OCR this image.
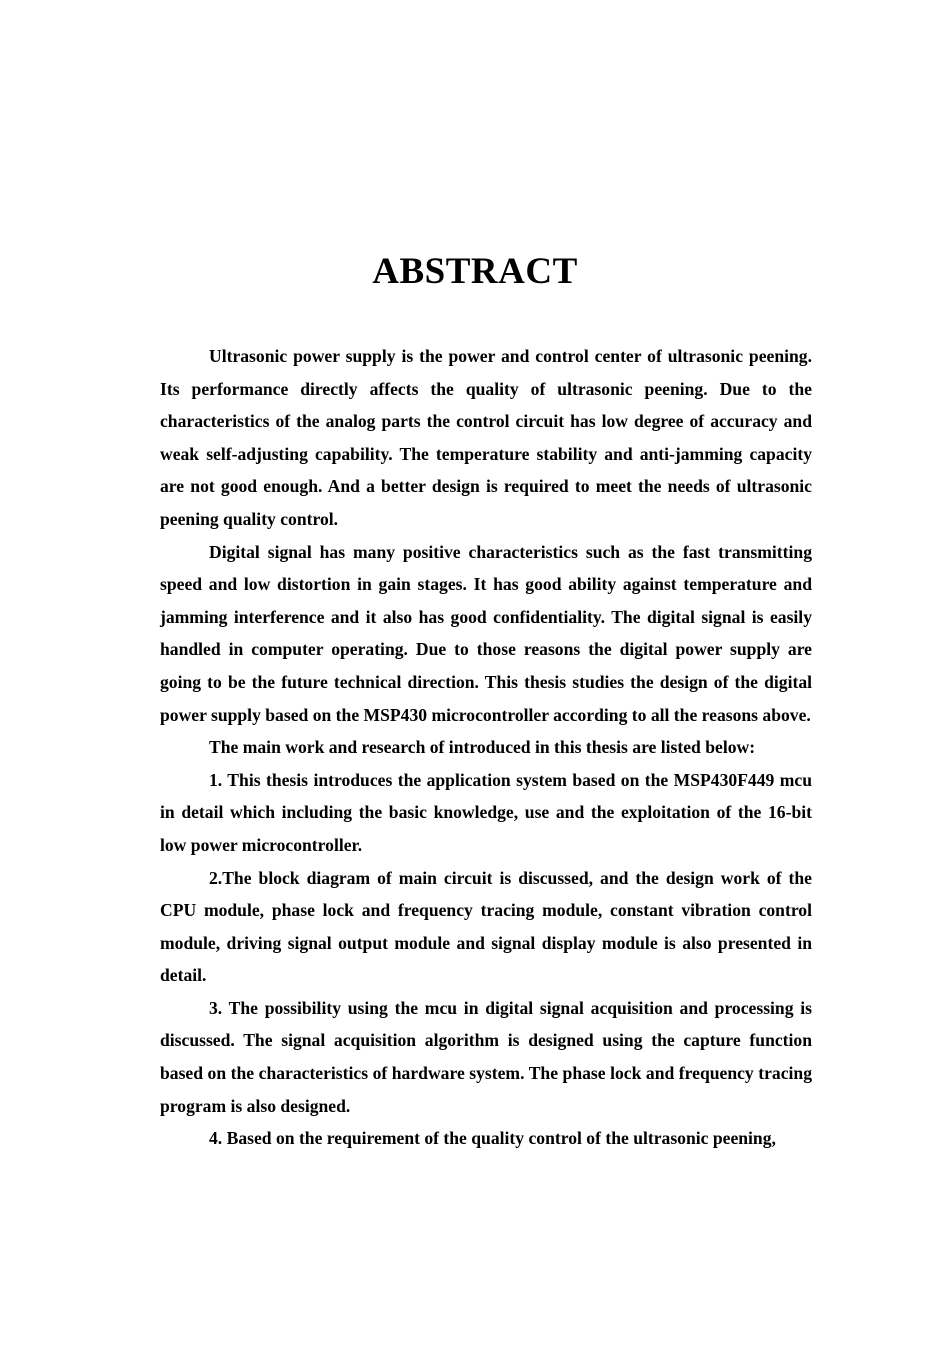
ABSTRACT

Ultrasonic power supply is the power and control center of ultrasonic peening. Its performance directly affects the quality of ultrasonic peening. Due to the characteristics of the analog parts the control circuit has low degree of accuracy and weak self-adjusting capability. The temperature stability and anti-jamming capacity are not good enough. And a better design is required to meet the needs of ultrasonic peening quality control.

Digital signal has many positive characteristics such as the fast transmitting speed and low distortion in gain stages. It has good ability against temperature and jamming interference and it also has good confidentiality. The digital signal is easily handled in computer operating. Due to those reasons the digital power supply are going to be the future technical direction. This thesis studies the design of the digital power supply based on the MSP430 microcontroller according to all the reasons above.

The main work and research of introduced in this thesis are listed below:

1. This thesis introduces the application system based on the MSP430F449 mcu in detail which including the basic knowledge, use and the exploitation of the 16-bit low power microcontroller.

2.The block diagram of main circuit is discussed, and the design work of the CPU module, phase lock and frequency tracing module, constant vibration control module, driving signal output module and signal display module is also presented in detail.

3. The possibility using the mcu in digital signal acquisition and processing is discussed. The signal acquisition algorithm is designed using the capture function based on the characteristics of hardware system. The phase lock and frequency tracing program is also designed.

4. Based on the requirement of the quality control of the ultrasonic peening,
